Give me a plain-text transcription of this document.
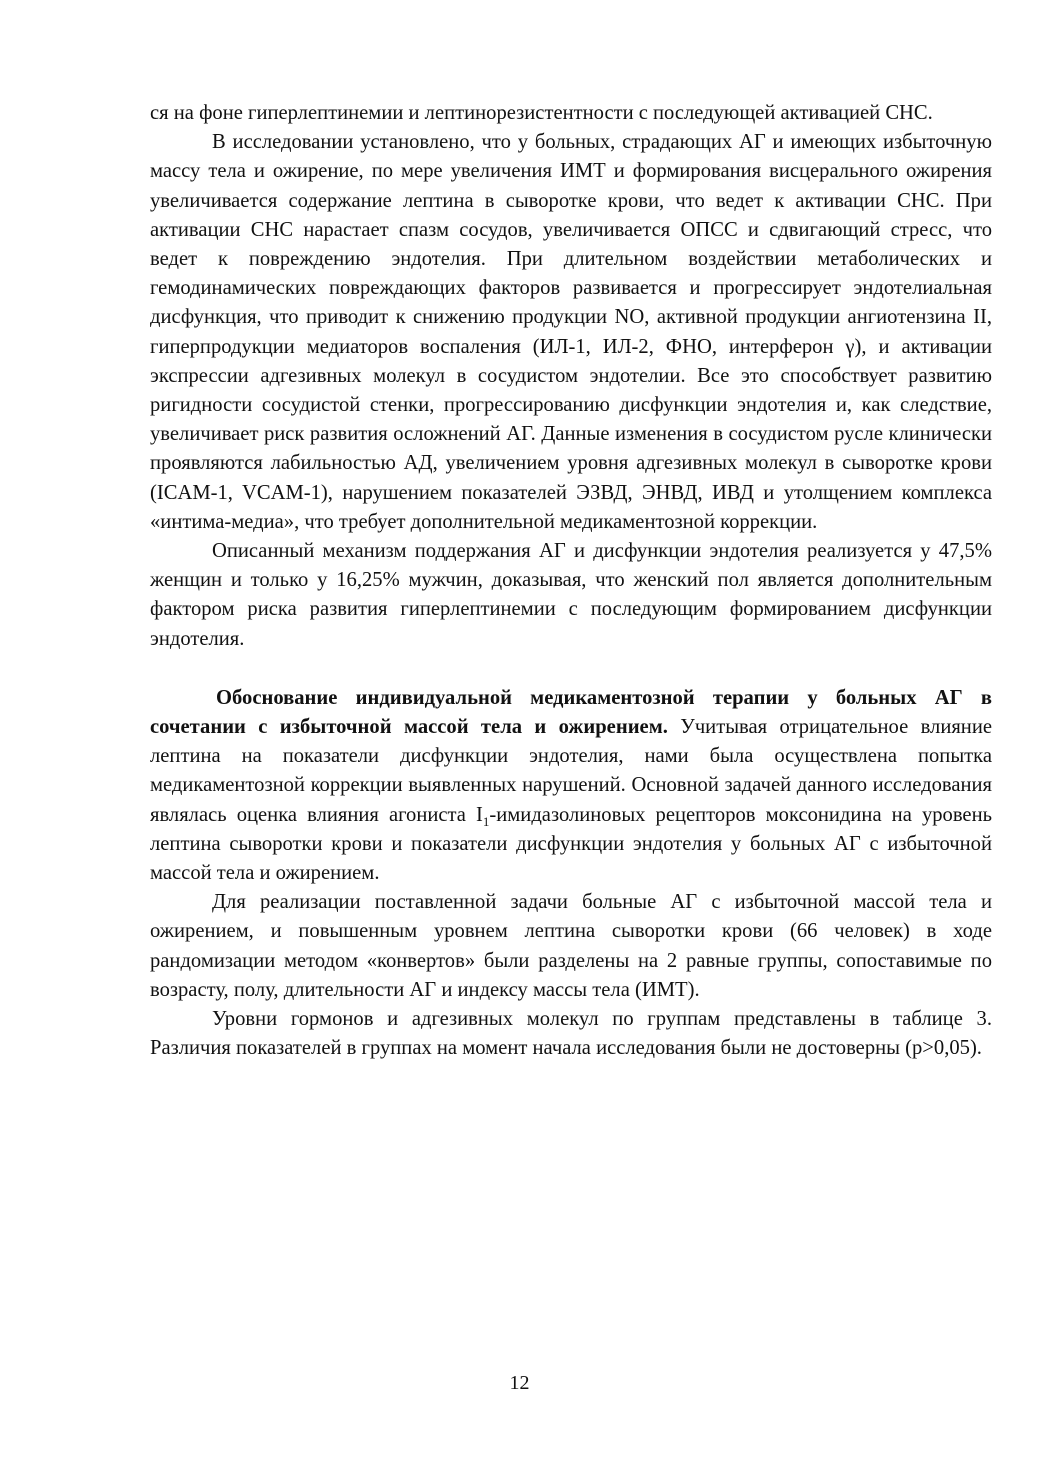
ся на фоне гиперлептинемии и лептинорезистентности с последующей активацией СНС.

В исследовании установлено, что у больных, страдающих АГ и имеющих избыточную массу тела и ожирение, по мере увеличения ИМТ и формирования висцерального ожирения увеличивается содержание лептина в сыворотке крови, что ведет к активации СНС. При активации СНС нарастает спазм сосудов, увеличивается ОПСС и сдвигающий стресс, что ведет к повреждению эндотелия. При длительном воздействии метаболических и гемодинамических повреждающих факторов развивается и прогрессирует эндотелиальная дисфункция, что приводит к снижению продукции NO, активной продукции ангиотензина II, гиперпродукции медиаторов воспаления (ИЛ-1, ИЛ-2, ФНО, интерферон γ), и активации экспрессии адгезивных молекул в сосудистом эндотелии. Все это способствует развитию ригидности сосудистой стенки, прогрессированию дисфункции эндотелия и, как следствие, увеличивает риск развития осложнений АГ. Данные изменения в сосудистом русле клинически проявляются лабильностью АД, увеличением уровня адгезивных молекул в сыворотке крови (ICAM-1, VCAM-1), нарушением показателей ЭЗВД, ЭНВД, ИВД и утолщением комплекса «интима-медиа», что требует дополнительной медикаментозной коррекции.

Описанный механизм поддержания АГ и дисфункции эндотелия реализуется у 47,5% женщин и только у 16,25% мужчин, доказывая, что женский пол является дополнительным фактором риска развития гиперлептинемии с последующим формированием дисфункции эндотелия.

Обоснование индивидуальной медикаментозной терапии у больных АГ в сочетании с избыточной массой тела и ожирением. Учитывая отрицательное влияние лептина на показатели дисфункции эндотелия, нами была осуществлена попытка медикаментозной коррекции выявленных нарушений. Основной задачей данного исследования являлась оценка влияния агониста $I_1$-имидазолиновых рецепторов моксонидина на уровень лептина сыворотки крови и показатели дисфункции эндотелия у больных АГ с избыточной массой тела и ожирением.

Для реализации поставленной задачи больные АГ с избыточной массой тела и ожирением, и повышенным уровнем лептина сыворотки крови (66 человек) в ходе рандомизации методом «конвертов» были разделены на 2 равные группы, сопоставимые по возрасту, полу, длительности АГ и индексу массы тела (ИМТ).

Уровни гормонов и адгезивных молекул по группам представлены в таблице 3. Различия показателей в группах на момент начала исследования были не достоверны (p>0,05).

12
